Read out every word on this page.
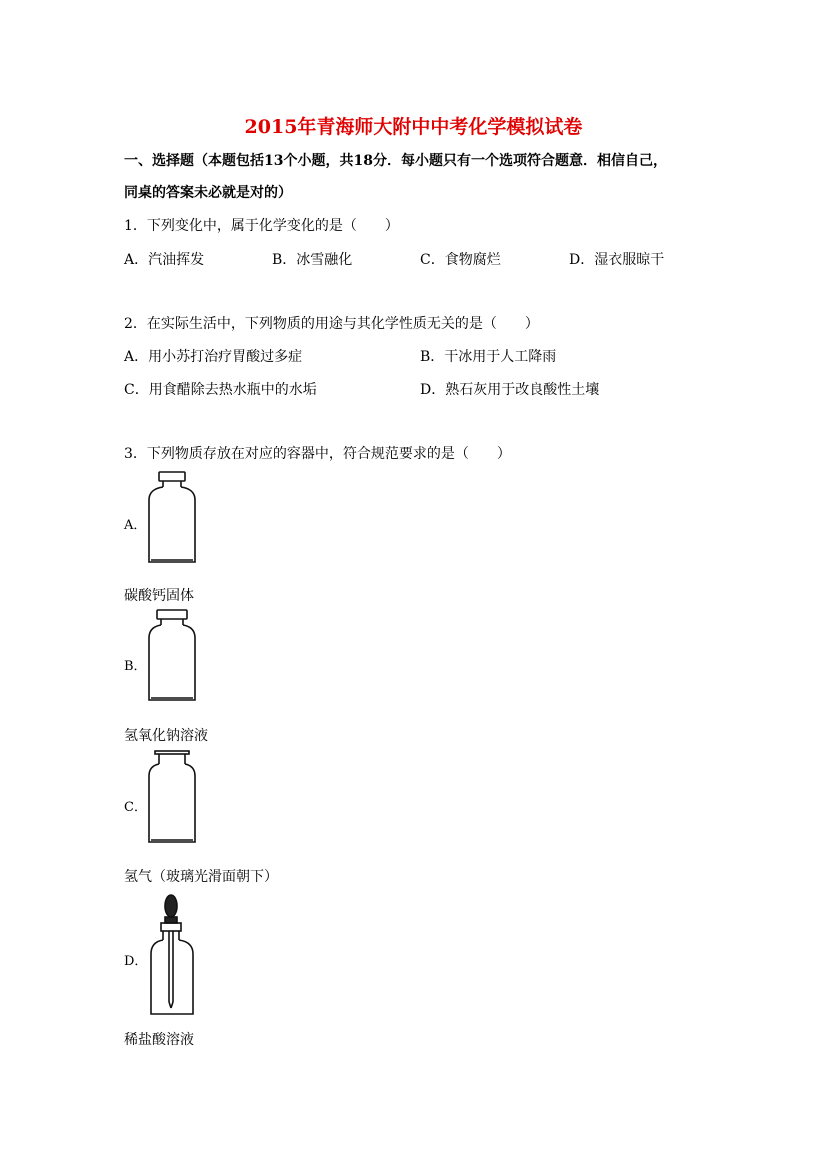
2015年青海师大附中中考化学模拟试卷
一、选择题（本题包括13个小题，共18分．每小题只有一个选项符合题意．相信自己，
同桌的答案未必就是对的）
1．下列变化中，属于化学变化的是（　　）
A．汽油挥发	B．冰雪融化	C．食物腐烂	D．湿衣服晾干
2．在实际生活中，下列物质的用途与其化学性质无关的是（　　）
A．用小苏打治疗胃酸过多症	B．干冰用于人工降雨
C．用食醋除去热水瓶中的水垢	D．熟石灰用于改良酸性土壤
3．下列物质存放在对应的容器中，符合规范要求的是（　　）
A．
碳酸钙固体
B．
氢氧化钠溶液
C．
氢气（玻璃光滑面朝下）
D．
稀盐酸溶液
